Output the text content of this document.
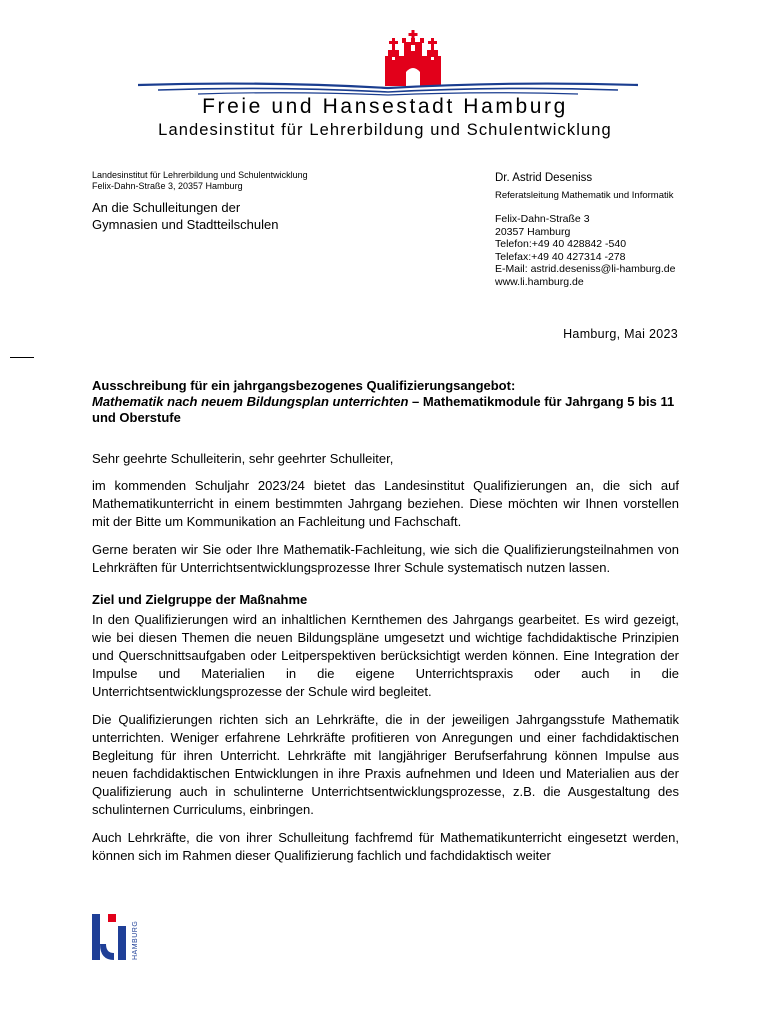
Freie und Hansestadt Hamburg
Landesinstitut für Lehrerbildung und Schulentwicklung
Landesinstitut für Lehrerbildung und Schulentwicklung
Felix-Dahn-Straße 3, 20357 Hamburg
An die Schulleitungen der
Gymnasien und Stadtteilschulen
Dr. Astrid Deseniss
Referatsleitung Mathematik und Informatik
Felix-Dahn-Straße 3
20357 Hamburg
Telefon:+49 40 428842 -540
Telefax:+49 40 427314 -278
E-Mail: astrid.deseniss@li-hamburg.de
www.li.hamburg.de
Hamburg, Mai 2023

Ausschreibung für ein jahrgangsbezogenes Qualifizierungsangebot:
Mathematik nach neuem Bildungsplan unterrichten – Mathematikmodule für Jahrgang 5 bis 11 und Oberstufe

Sehr geehrte Schulleiterin, sehr geehrter Schulleiter,

im kommenden Schuljahr 2023/24 bietet das Landesinstitut Qualifizierungen an, die sich auf Mathematikunterricht in einem bestimmten Jahrgang beziehen. Diese möchten wir Ihnen vorstellen mit der Bitte um Kommunikation an Fachleitung und Fachschaft.

Gerne beraten wir Sie oder Ihre Mathematik-Fachleitung, wie sich die Qualifizierungsteilnahmen von Lehrkräften für Unterrichtsentwicklungsprozesse Ihrer Schule systematisch nutzen lassen.

Ziel und Zielgruppe der Maßnahme

In den Qualifizierungen wird an inhaltlichen Kernthemen des Jahrgangs gearbeitet. Es wird gezeigt, wie bei diesen Themen die neuen Bildungspläne umgesetzt und wichtige fachdidaktische Prinzipien und Querschnittsaufgaben oder Leitperspektiven berücksichtigt werden können. Eine Integration der Impulse und Materialien in die eigene Unterrichtspraxis oder auch in die Unterrichtsentwicklungsprozesse der Schule wird begleitet.

Die Qualifizierungen richten sich an Lehrkräfte, die in der jeweiligen Jahrgangsstufe Mathematik unterrichten. Weniger erfahrene Lehrkräfte profitieren von Anregungen und einer fachdidaktischen Begleitung für ihren Unterricht. Lehrkräfte mit langjähriger Berufserfahrung können Impulse aus neuen fachdidaktischen Entwicklungen in ihre Praxis aufnehmen und Ideen und Materialien aus der Qualifizierung auch in schulinterne Unterrichtsentwicklungsprozesse, z.B. die Ausgestaltung des schulinternen Curriculums, einbringen.

Auch Lehrkräfte, die von ihrer Schulleitung fachfremd für Mathematikunterricht eingesetzt werden, können sich im Rahmen dieser Qualifizierung fachlich und fachdidaktisch weiter

HAMBURG
